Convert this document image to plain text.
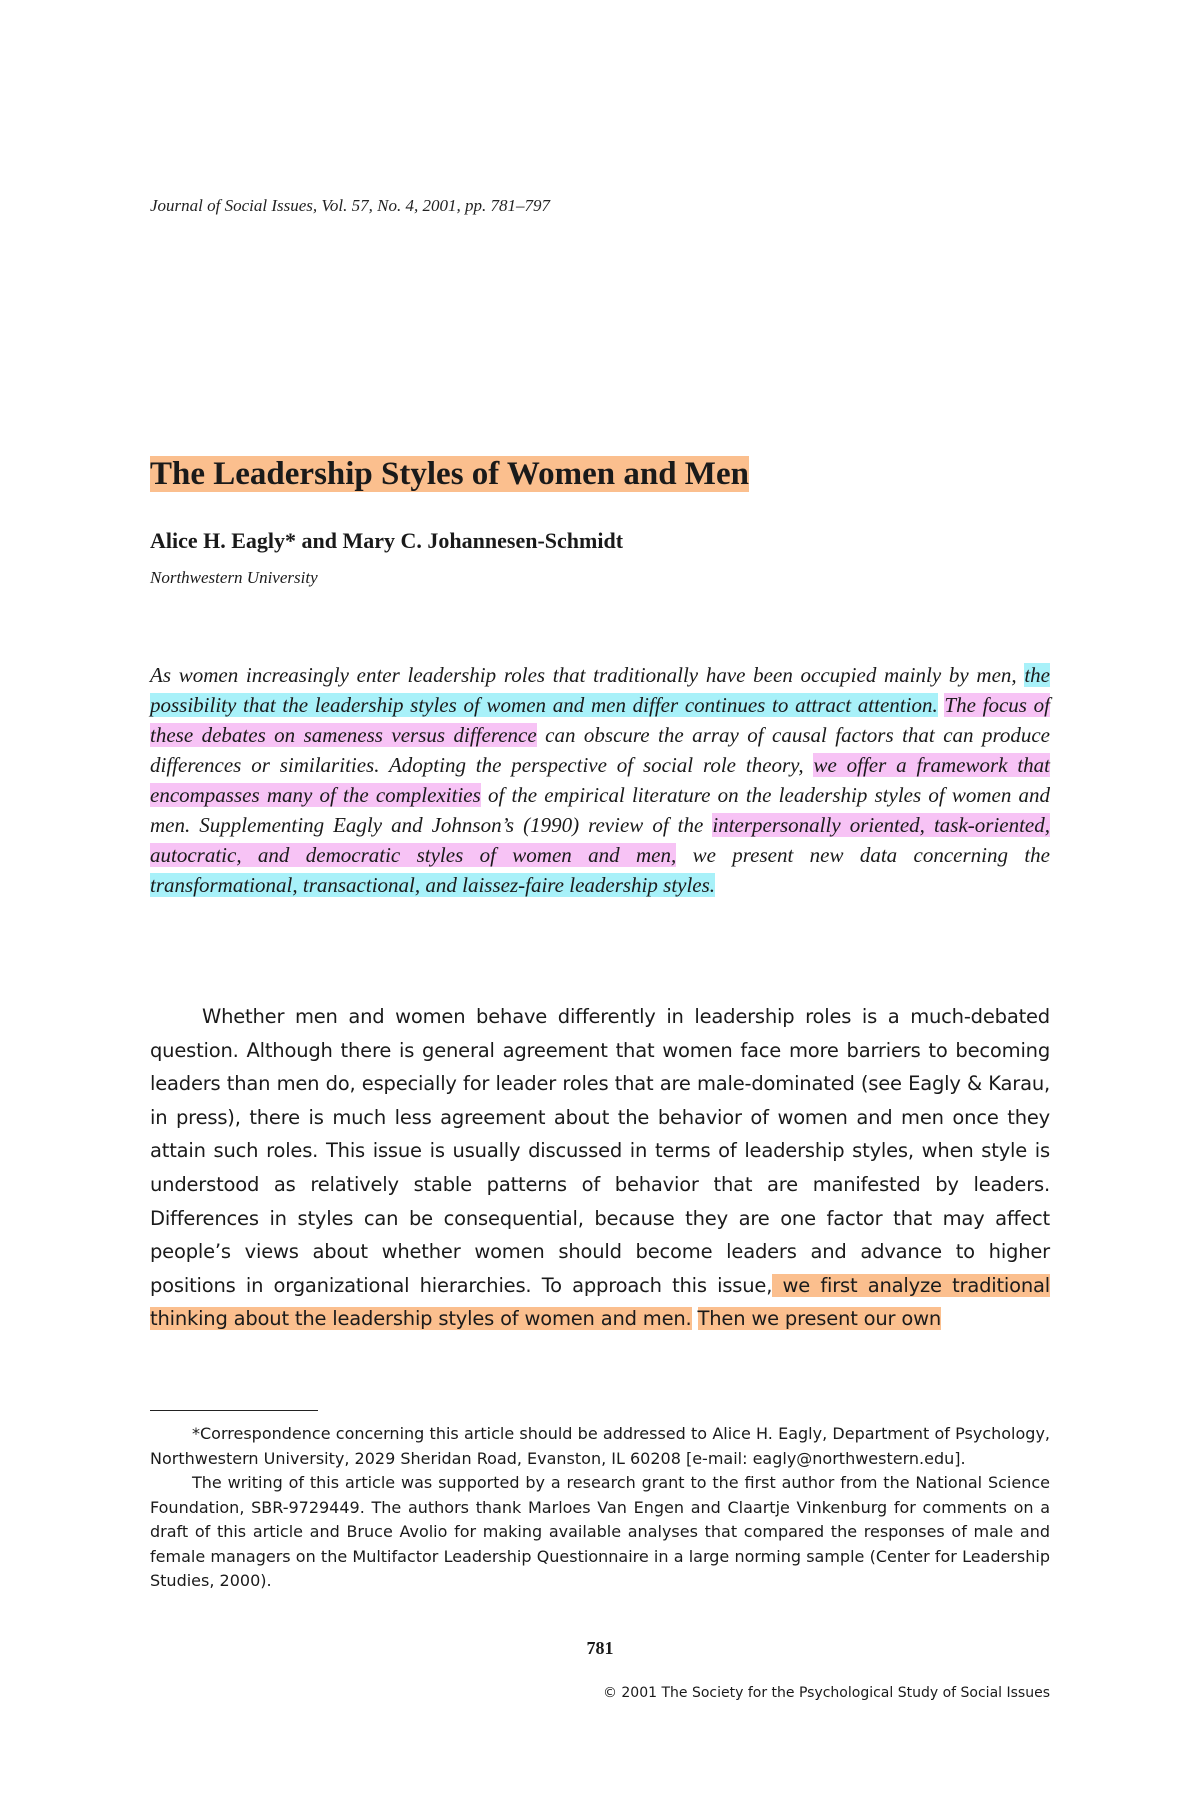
Journal of Social Issues, Vol. 57, No. 4, 2001, pp. 781–797
The Leadership Styles of Women and Men
Alice H. Eagly* and Mary C. Johannesen-Schmidt
Northwestern University

As women increasingly enter leadership roles that traditionally have been occupied mainly by men, the possibility that the leadership styles of women and men differ continues to attract attention. The focus of these debates on sameness versus difference can obscure the array of causal factors that can produce differences or similarities. Adopting the perspective of social role theory, we offer a framework that encompasses many of the complexities of the empirical literature on the leadership styles of women and men. Supplementing Eagly and Johnson’s (1990) review of the interpersonally oriented, task-oriented, autocratic, and democratic styles of women and men, we present new data concerning the transformational, transactional, and laissez-faire leadership styles.

Whether men and women behave differently in leadership roles is a much-debated question. Although there is general agreement that women face more barriers to becoming leaders than men do, especially for leader roles that are male-dominated (see Eagly & Karau, in press), there is much less agreement about the behavior of women and men once they attain such roles. This issue is usually discussed in terms of leadership styles, when style is understood as relatively stable patterns of behavior that are manifested by leaders. Differences in styles can be consequential, because they are one factor that may affect people’s views about whether women should become leaders and advance to higher positions in organizational hierarchies. To approach this issue, we first analyze traditional thinking about the leadership styles of women and men. Then we present our own

*Correspondence concerning this article should be addressed to Alice H. Eagly, Department of Psychology, Northwestern University, 2029 Sheridan Road, Evanston, IL 60208 [e-mail: eagly@northwestern.edu].

The writing of this article was supported by a research grant to the first author from the National Science Foundation, SBR-9729449. The authors thank Marloes Van Engen and Claartje Vinkenburg for comments on a draft of this article and Bruce Avolio for making available analyses that compared the responses of male and female managers on the Multifactor Leadership Questionnaire in a large norming sample (Center for Leadership Studies, 2000).

781
© 2001 The Society for the Psychological Study of Social Issues
